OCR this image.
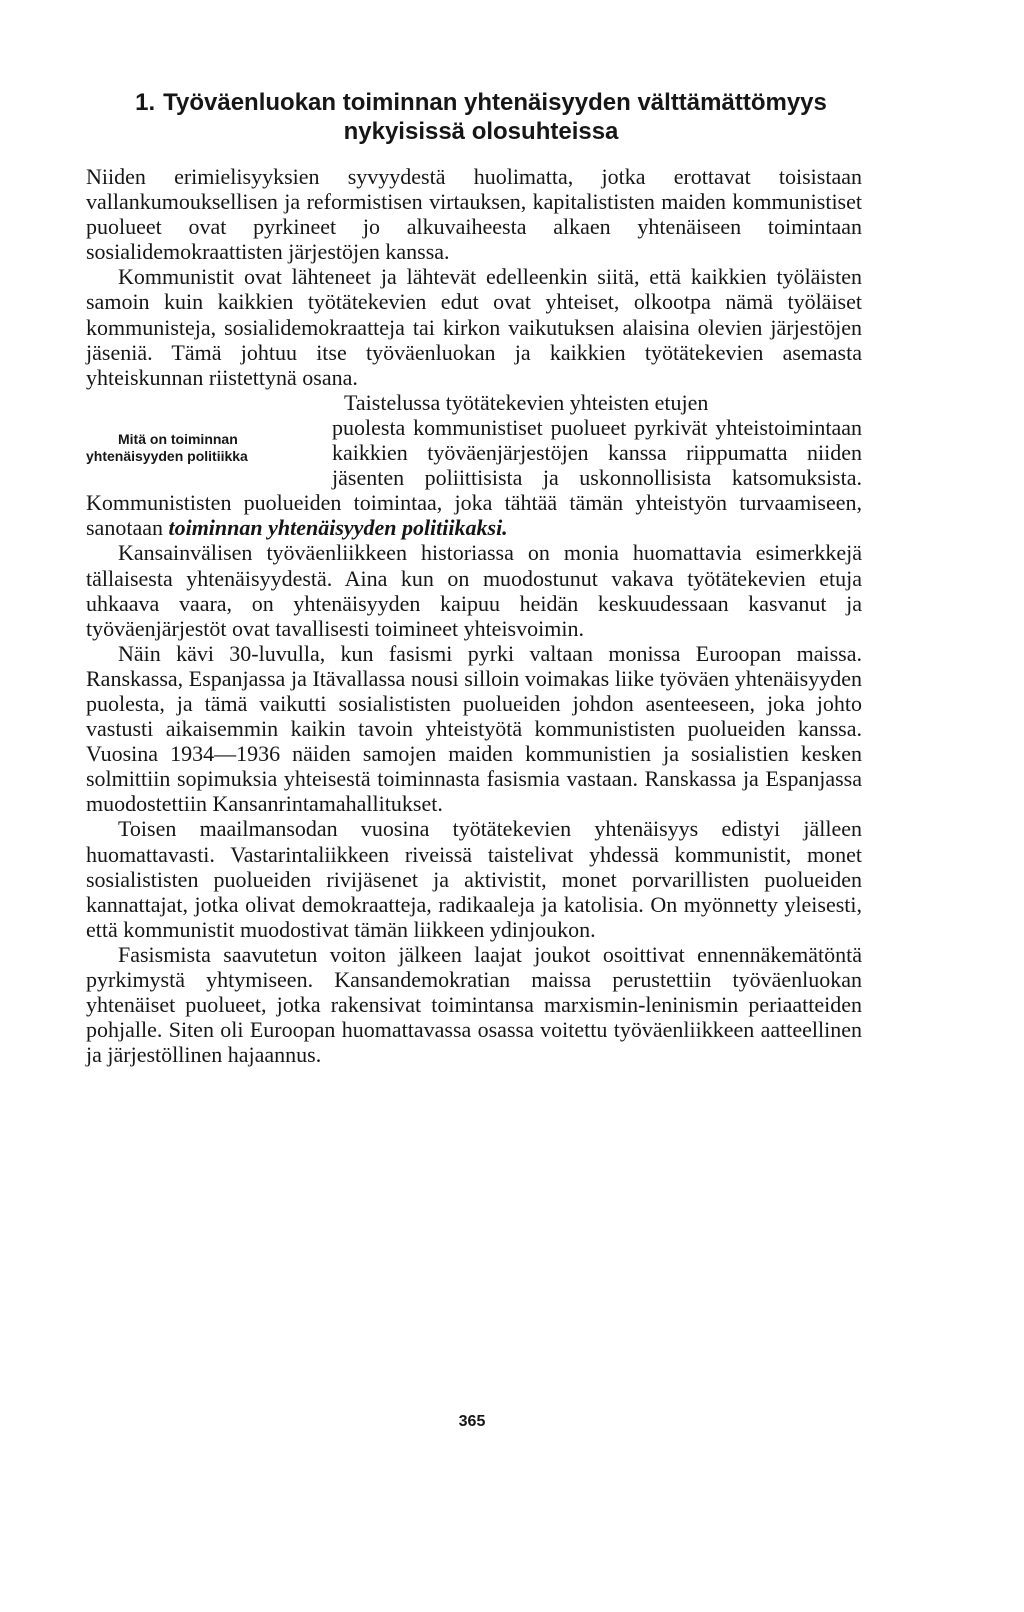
1. Työväenluokan toiminnan yhtenäisyyden välttämättömyys
nykyisissä olosuhteissa

Niiden erimielisyyksien syvyydestä huolimatta, jotka erottavat toisistaan vallankumouksellisen ja reformistisen virtauksen, kapitalististen maiden kommunistiset puolueet ovat pyrkineet jo alkuvaiheesta alkaen yhtenäiseen toimintaan sosialidemokraattisten järjestöjen kanssa.

Kommunistit ovat lähteneet ja lähtevät edelleenkin siitä, että kaikkien työläisten samoin kuin kaikkien työtätekevien edut ovat yhteiset, olkootpa nämä työläiset kommunisteja, sosialidemokraatteja tai kirkon vaikutuksen alaisina olevien järjestöjen jäseniä. Tämä johtuu itse työväenluokan ja kaikkien työtätekevien asemasta yhteiskunnan riistettynä osana.

Taistelussa työtätekevien yhteisten etujen
Mitä on toiminnan yhtenäisyyden politiikka
puolesta kommunistiset puolueet pyrkivät yhteistoimintaan kaikkien työväenjärjestöjen kanssa riippumatta niiden jäsenten poliittisista ja uskonnollisista katsomuksista. Kommunististen puolueiden toimintaa, joka tähtää tämän yhteistyön turvaamiseen, sanotaan toiminnan yhtenäisyyden politiikaksi.

Kansainvälisen työväenliikkeen historiassa on monia huomattavia esimerkkejä tällaisesta yhtenäisyydestä. Aina kun on muodostunut vakava työtätekevien etuja uhkaava vaara, on yhtenäisyyden kaipuu heidän keskuudessaan kasvanut ja työväenjärjestöt ovat tavallisesti toimineet yhteisvoimin.

Näin kävi 30-luvulla, kun fasismi pyrki valtaan monissa Euroopan maissa. Ranskassa, Espanjassa ja Itävallassa nousi silloin voimakas liike työväen yhtenäisyyden puolesta, ja tämä vaikutti sosialististen puolueiden johdon asenteeseen, joka johto vastusti aikaisemmin kaikin tavoin yhteistyötä kommunististen puolueiden kanssa. Vuosina 1934—1936 näiden samojen maiden kommunistien ja sosialistien kesken solmittiin sopimuksia yhteisestä toiminnasta fasismia vastaan. Ranskassa ja Espanjassa muodostettiin Kansanrintamahallitukset.

Toisen maailmansodan vuosina työtätekevien yhtenäisyys edistyi jälleen huomattavasti. Vastarintaliikkeen riveissä taistelivat yhdessä kommunistit, monet sosialististen puolueiden rivijäsenet ja aktivistit, monet porvarillisten puolueiden kannattajat, jotka olivat demokraatteja, radikaaleja ja katolisia. On myönnetty yleisesti, että kommunistit muodostivat tämän liikkeen ydinjoukon.

Fasismista saavutetun voiton jälkeen laajat joukot osoittivat ennennäkemätöntä pyrkimystä yhtymiseen. Kansandemokratian maissa perustettiin työväenluokan yhtenäiset puolueet, jotka rakensivat toimintansa marxismin-leninismin periaatteiden pohjalle. Siten oli Euroopan huomattavassa osassa voitettu työväenliikkeen aatteellinen ja järjestöllinen hajaannus.

365
